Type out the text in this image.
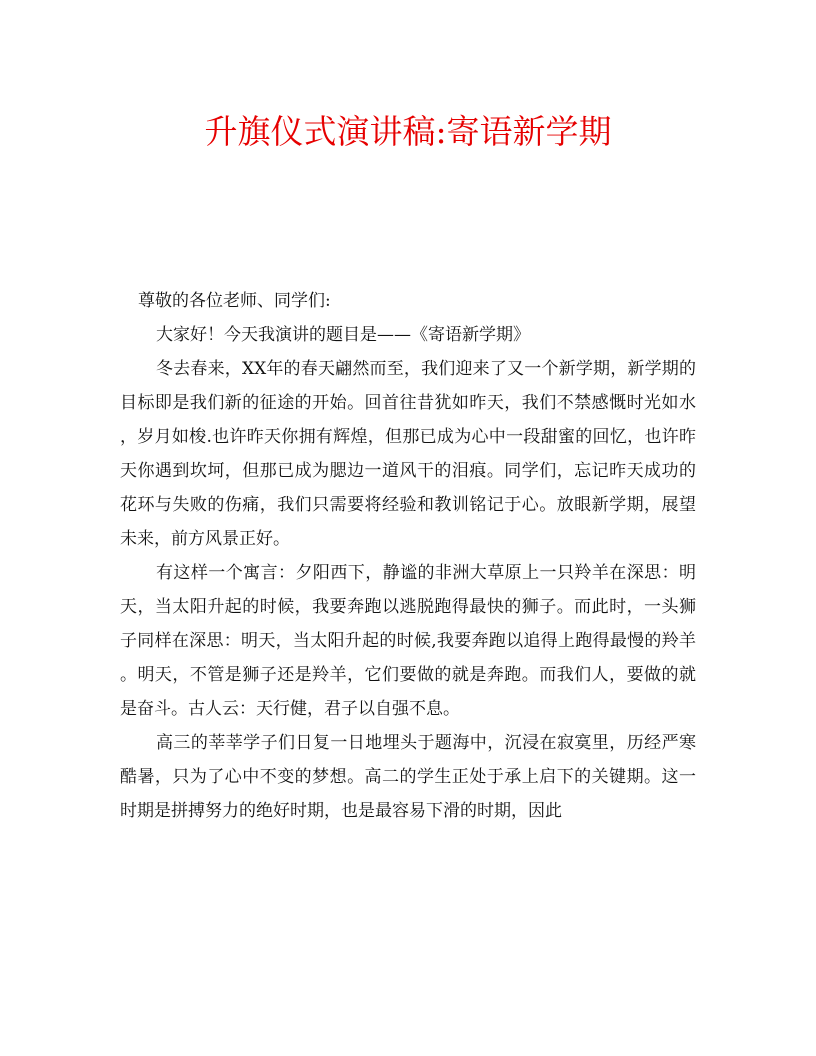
升旗仪式演讲稿:寄语新学期

尊敬的各位老师、同学们:

大家好！今天我演讲的题目是——《寄语新学期》

冬去春来，XX年的春天翩然而至，我们迎来了又一个新学期，新学期的目标即是我们新的征途的开始。回首往昔犹如昨天，我们不禁感慨时光如水，岁月如梭.也许昨天你拥有辉煌，但那已成为心中一段甜蜜的回忆，也许昨天你遇到坎坷，但那已成为腮边一道风干的泪痕。同学们，忘记昨天成功的花环与失败的伤痛，我们只需要将经验和教训铭记于心。放眼新学期，展望未来，前方风景正好。

有这样一个寓言：夕阳西下，静谧的非洲大草原上一只羚羊在深思：明天，当太阳升起的时候，我要奔跑以逃脱跑得最快的狮子。而此时，一头狮子同样在深思：明天，当太阳升起的时候,我要奔跑以追得上跑得最慢的羚羊。明天，不管是狮子还是羚羊，它们要做的就是奔跑。而我们人，要做的就是奋斗。古人云：天行健，君子以自强不息。

高三的莘莘学子们日复一日地埋头于题海中，沉浸在寂寞里，历经严寒酷暑，只为了心中不变的梦想。高二的学生正处于承上启下的关键期。这一时期是拼搏努力的绝好时期，也是最容易下滑的时期，因此
